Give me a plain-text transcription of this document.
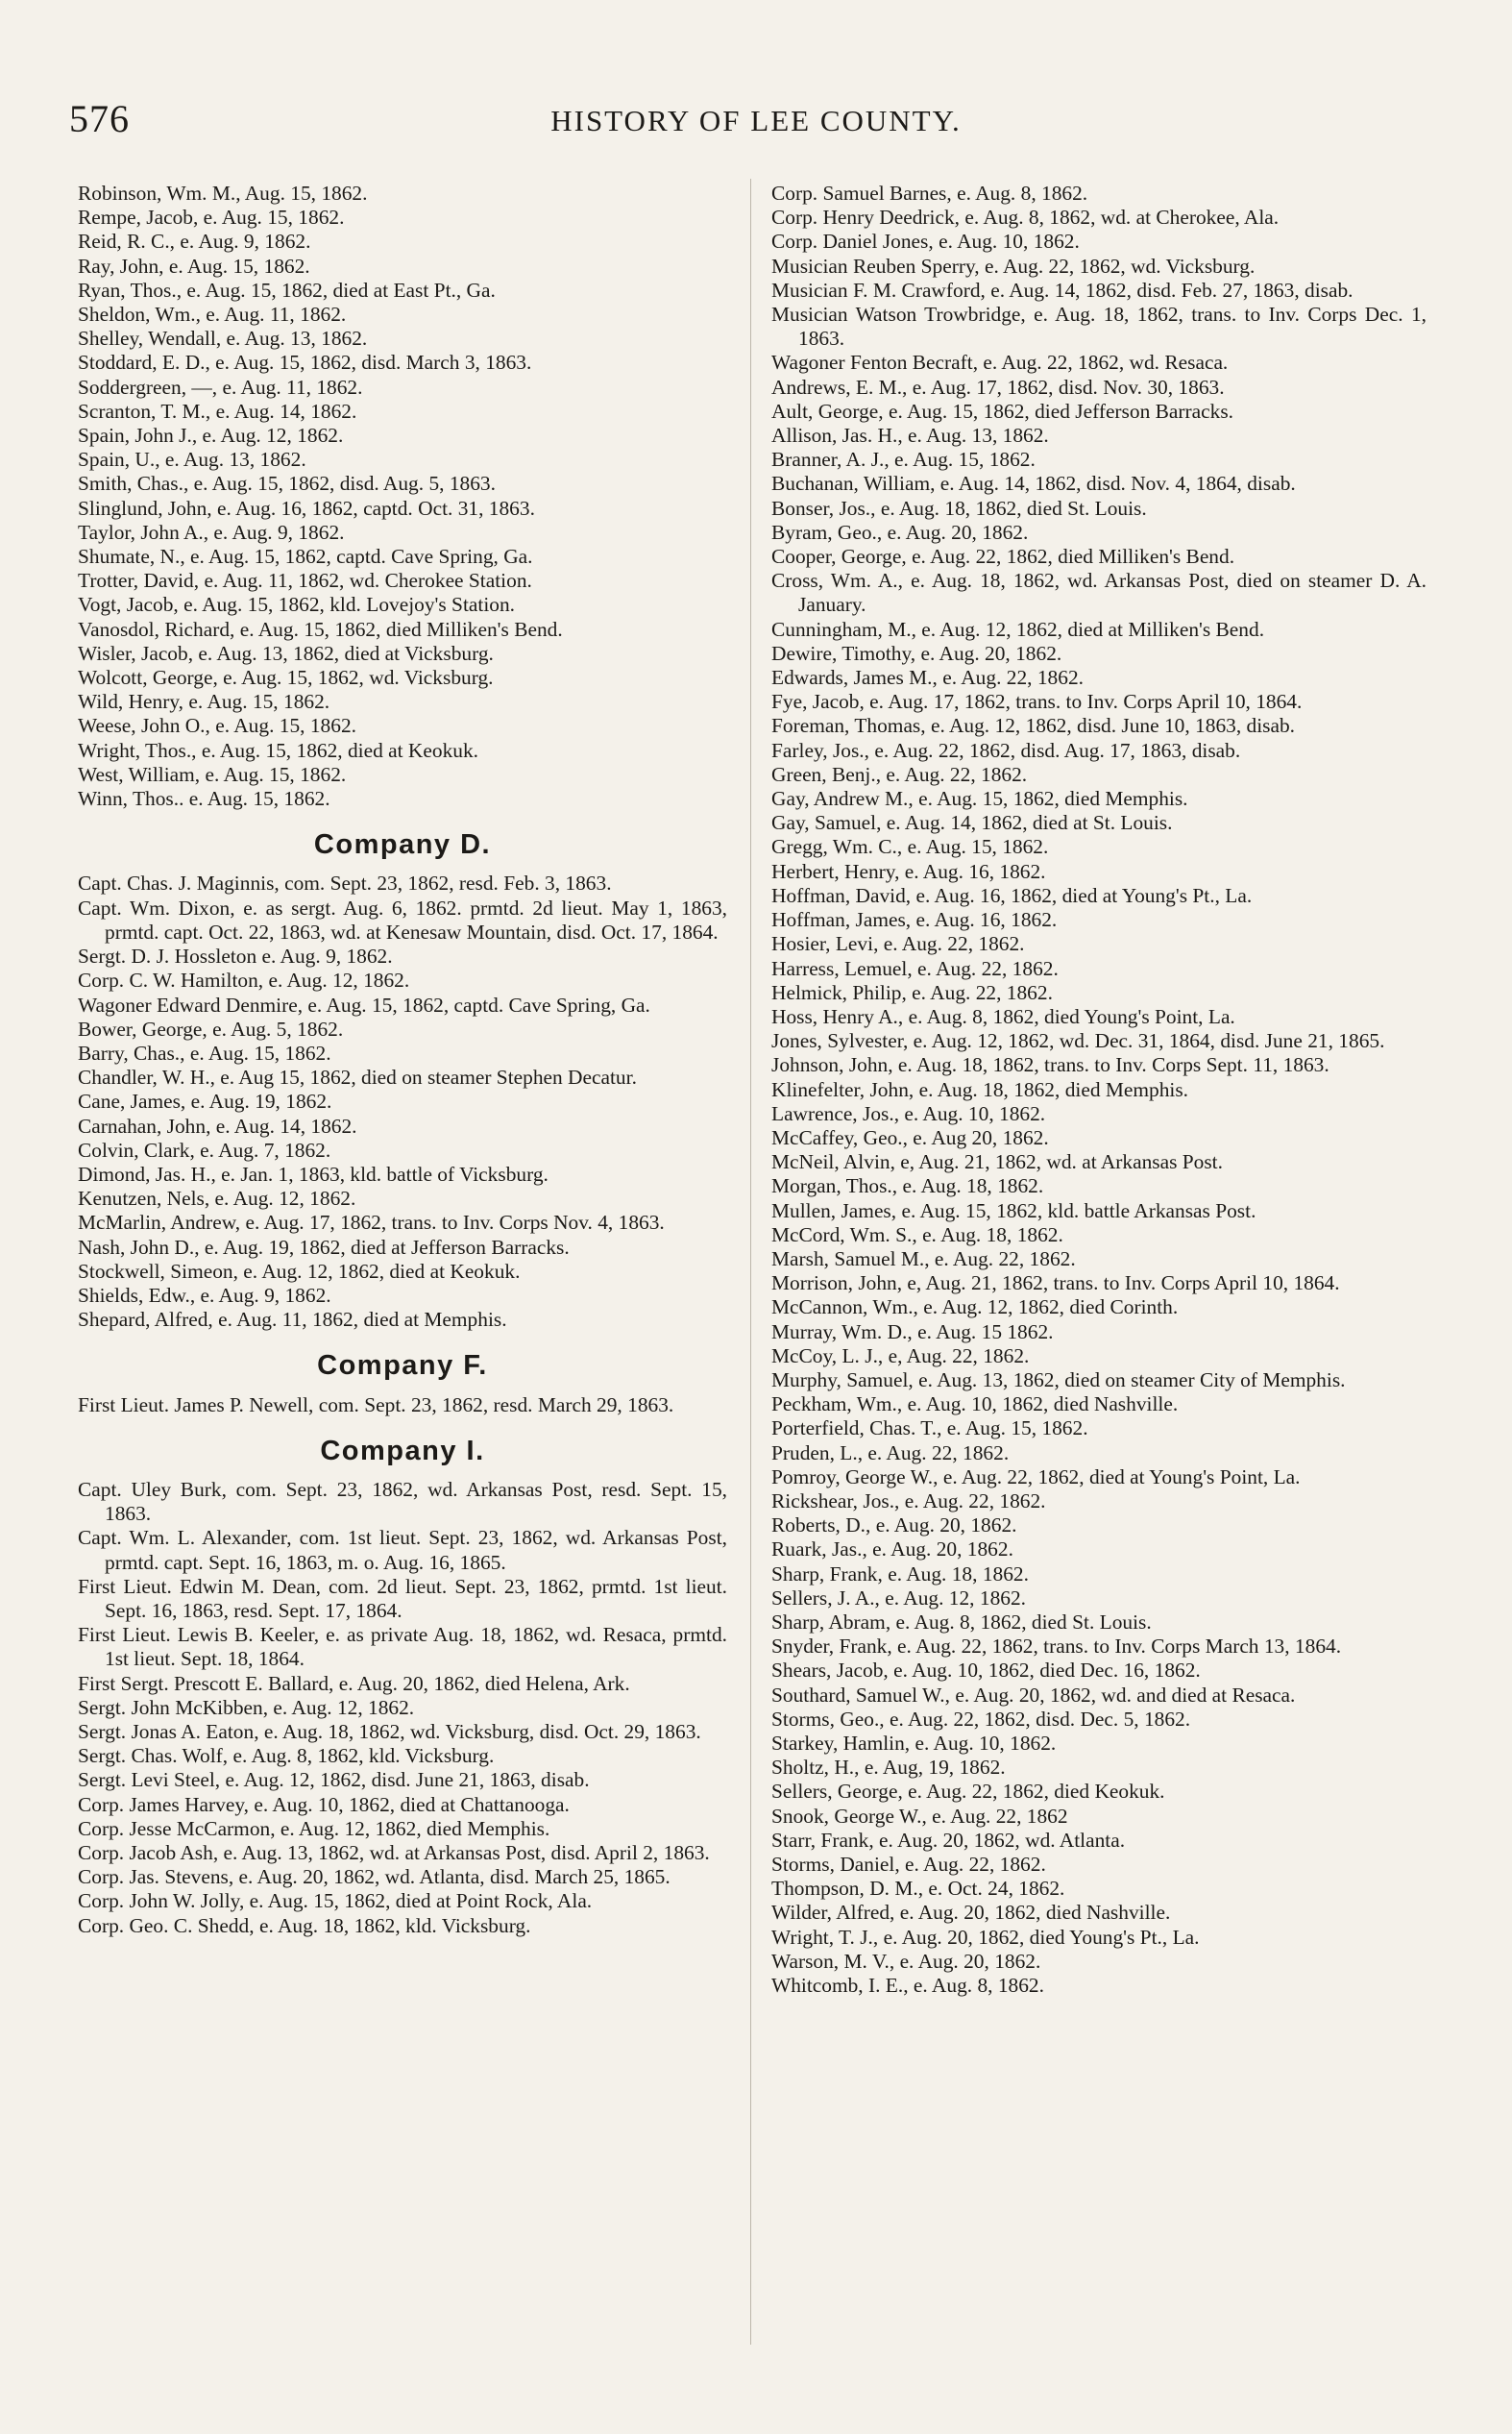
576	HISTORY OF LEE COUNTY.

Robinson, Wm. M., Aug. 15, 1862.

Rempe, Jacob, e. Aug. 15, 1862.

Reid, R. C., e. Aug. 9, 1862.

Ray, John, e. Aug. 15, 1862.

Ryan, Thos., e. Aug. 15, 1862, died at East Pt., Ga.

Sheldon, Wm., e. Aug. 11, 1862.

Shelley, Wendall, e. Aug. 13, 1862.

Stoddard, E. D., e. Aug. 15, 1862, disd. March 3, 1863.

Soddergreen, —, e. Aug. 11, 1862.

Scranton, T. M., e. Aug. 14, 1862.

Spain, John J., e. Aug. 12, 1862.

Spain, U., e. Aug. 13, 1862.

Smith, Chas., e. Aug. 15, 1862, disd. Aug. 5, 1863.

Slinglund, John, e. Aug. 16, 1862, captd. Oct. 31, 1863.

Taylor, John A., e. Aug. 9, 1862.

Shumate, N., e. Aug. 15, 1862, captd. Cave Spring, Ga.

Trotter, David, e. Aug. 11, 1862, wd. Cherokee Station.

Vogt, Jacob, e. Aug. 15, 1862, kld. Lovejoy's Station.

Vanosdol, Richard, e. Aug. 15, 1862, died Milliken's Bend.

Wisler, Jacob, e. Aug. 13, 1862, died at Vicksburg.

Wolcott, George, e. Aug. 15, 1862, wd. Vicksburg.

Wild, Henry, e. Aug. 15, 1862.

Weese, John O., e. Aug. 15, 1862.

Wright, Thos., e. Aug. 15, 1862, died at Keokuk.

West, William, e. Aug. 15, 1862.

Winn, Thos.. e. Aug. 15, 1862.

Company D.

Capt. Chas. J. Maginnis, com. Sept. 23, 1862, resd. Feb. 3, 1863.

Capt. Wm. Dixon, e. as sergt. Aug. 6, 1862. prmtd. 2d lieut. May 1, 1863, prmtd. capt. Oct. 22, 1863, wd. at Kenesaw Mountain, disd. Oct. 17, 1864.

Sergt. D. J. Hossleton e. Aug. 9, 1862.

Corp. C. W. Hamilton, e. Aug. 12, 1862.

Wagoner Edward Denmire, e. Aug. 15, 1862, captd. Cave Spring, Ga.

Bower, George, e. Aug. 5, 1862.

Barry, Chas., e. Aug. 15, 1862.

Chandler, W. H., e. Aug 15, 1862, died on steamer Stephen Decatur.

Cane, James, e. Aug. 19, 1862.

Carnahan, John, e. Aug. 14, 1862.

Colvin, Clark, e. Aug. 7, 1862.

Dimond, Jas. H., e. Jan. 1, 1863, kld. battle of Vicksburg.

Kenutzen, Nels, e. Aug. 12, 1862.

McMarlin, Andrew, e. Aug. 17, 1862, trans. to Inv. Corps Nov. 4, 1863.

Nash, John D., e. Aug. 19, 1862, died at Jefferson Barracks.

Stockwell, Simeon, e. Aug. 12, 1862, died at Keokuk.

Shields, Edw., e. Aug. 9, 1862.

Shepard, Alfred, e. Aug. 11, 1862, died at Memphis.

Company F.

First Lieut. James P. Newell, com. Sept. 23, 1862, resd. March 29, 1863.

Company I.

Capt. Uley Burk, com. Sept. 23, 1862, wd. Arkansas Post, resd. Sept. 15, 1863.

Capt. Wm. L. Alexander, com. 1st lieut. Sept. 23, 1862, wd. Arkansas Post, prmtd. capt. Sept. 16, 1863, m. o. Aug. 16, 1865.

First Lieut. Edwin M. Dean, com. 2d lieut. Sept. 23, 1862, prmtd. 1st lieut. Sept. 16, 1863, resd. Sept. 17, 1864.

First Lieut. Lewis B. Keeler, e. as private Aug. 18, 1862, wd. Resaca, prmtd. 1st lieut. Sept. 18, 1864.

First Sergt. Prescott E. Ballard, e. Aug. 20, 1862, died Helena, Ark.

Sergt. John McKibben, e. Aug. 12, 1862.

Sergt. Jonas A. Eaton, e. Aug. 18, 1862, wd. Vicksburg, disd. Oct. 29, 1863.

Sergt. Chas. Wolf, e. Aug. 8, 1862, kld. Vicksburg.

Sergt. Levi Steel, e. Aug. 12, 1862, disd. June 21, 1863, disab.

Corp. James Harvey, e. Aug. 10, 1862, died at Chattanooga.

Corp. Jesse McCarmon, e. Aug. 12, 1862, died Memphis.

Corp. Jacob Ash, e. Aug. 13, 1862, wd. at Arkansas Post, disd. April 2, 1863.

Corp. Jas. Stevens, e. Aug. 20, 1862, wd. Atlanta, disd. March 25, 1865.

Corp. John W. Jolly, e. Aug. 15, 1862, died at Point Rock, Ala.

Corp. Geo. C. Shedd, e. Aug. 18, 1862, kld. Vicksburg.

Corp. Samuel Barnes, e. Aug. 8, 1862.

Corp. Henry Deedrick, e. Aug. 8, 1862, wd. at Cherokee, Ala.

Corp. Daniel Jones, e. Aug. 10, 1862.

Musician Reuben Sperry, e. Aug. 22, 1862, wd. Vicksburg.

Musician F. M. Crawford, e. Aug. 14, 1862, disd. Feb. 27, 1863, disab.

Musician Watson Trowbridge, e. Aug. 18, 1862, trans. to Inv. Corps Dec. 1, 1863.

Wagoner Fenton Becraft, e. Aug. 22, 1862, wd. Resaca.

Andrews, E. M., e. Aug. 17, 1862, disd. Nov. 30, 1863.

Ault, George, e. Aug. 15, 1862, died Jefferson Barracks.

Allison, Jas. H., e. Aug. 13, 1862.

Branner, A. J., e. Aug. 15, 1862.

Buchanan, William, e. Aug. 14, 1862, disd. Nov. 4, 1864, disab.

Bonser, Jos., e. Aug. 18, 1862, died St. Louis.

Byram, Geo., e. Aug. 20, 1862.

Cooper, George, e. Aug. 22, 1862, died Milliken's Bend.

Cross, Wm. A., e. Aug. 18, 1862, wd. Arkansas Post, died on steamer D. A. January.

Cunningham, M., e. Aug. 12, 1862, died at Milliken's Bend.

Dewire, Timothy, e. Aug. 20, 1862.

Edwards, James M., e. Aug. 22, 1862.

Fye, Jacob, e. Aug. 17, 1862, trans. to Inv. Corps April 10, 1864.

Foreman, Thomas, e. Aug. 12, 1862, disd. June 10, 1863, disab.

Farley, Jos., e. Aug. 22, 1862, disd. Aug. 17, 1863, disab.

Green, Benj., e. Aug. 22, 1862.

Gay, Andrew M., e. Aug. 15, 1862, died Memphis.

Gay, Samuel, e. Aug. 14, 1862, died at St. Louis.

Gregg, Wm. C., e. Aug. 15, 1862.

Herbert, Henry, e. Aug. 16, 1862.

Hoffman, David, e. Aug. 16, 1862, died at Young's Pt., La.

Hoffman, James, e. Aug. 16, 1862.

Hosier, Levi, e. Aug. 22, 1862.

Harress, Lemuel, e. Aug. 22, 1862.

Helmick, Philip, e. Aug. 22, 1862.

Hoss, Henry A., e. Aug. 8, 1862, died Young's Point, La.

Jones, Sylvester, e. Aug. 12, 1862, wd. Dec. 31, 1864, disd. June 21, 1865.

Johnson, John, e. Aug. 18, 1862, trans. to Inv. Corps Sept. 11, 1863.

Klinefelter, John, e. Aug. 18, 1862, died Memphis.

Lawrence, Jos., e. Aug. 10, 1862.

McCaffey, Geo., e. Aug 20, 1862.

McNeil, Alvin, e, Aug. 21, 1862, wd. at Arkansas Post.

Morgan, Thos., e. Aug. 18, 1862.

Mullen, James, e. Aug. 15, 1862, kld. battle Arkansas Post.

McCord, Wm. S., e. Aug. 18, 1862.

Marsh, Samuel M., e. Aug. 22, 1862.

Morrison, John, e, Aug. 21, 1862, trans. to Inv. Corps April 10, 1864.

McCannon, Wm., e. Aug. 12, 1862, died Corinth.

Murray, Wm. D., e. Aug. 15 1862.

McCoy, L. J., e, Aug. 22, 1862.

Murphy, Samuel, e. Aug. 13, 1862, died on steamer City of Memphis.

Peckham, Wm., e. Aug. 10, 1862, died Nashville.

Porterfield, Chas. T., e. Aug. 15, 1862.

Pruden, L., e. Aug. 22, 1862.

Pomroy, George W., e. Aug. 22, 1862, died at Young's Point, La.

Rickshear, Jos., e. Aug. 22, 1862.

Roberts, D., e. Aug. 20, 1862.

Ruark, Jas., e. Aug. 20, 1862.

Sharp, Frank, e. Aug. 18, 1862.

Sellers, J. A., e. Aug. 12, 1862.

Sharp, Abram, e. Aug. 8, 1862, died St. Louis.

Snyder, Frank, e. Aug. 22, 1862, trans. to Inv. Corps March 13, 1864.

Shears, Jacob, e. Aug. 10, 1862, died Dec. 16, 1862.

Southard, Samuel W., e. Aug. 20, 1862, wd. and died at Resaca.

Storms, Geo., e. Aug. 22, 1862, disd. Dec. 5, 1862.

Starkey, Hamlin, e. Aug. 10, 1862.

Sholtz, H., e. Aug, 19, 1862.

Sellers, George, e. Aug. 22, 1862, died Keokuk.

Snook, George W., e. Aug. 22, 1862

Starr, Frank, e. Aug. 20, 1862, wd. Atlanta.

Storms, Daniel, e. Aug. 22, 1862.

Thompson, D. M., e. Oct. 24, 1862.

Wilder, Alfred, e. Aug. 20, 1862, died Nashville.

Wright, T. J., e. Aug. 20, 1862, died Young's Pt., La.

Warson, M. V., e. Aug. 20, 1862.

Whitcomb, I. E., e. Aug. 8, 1862.
